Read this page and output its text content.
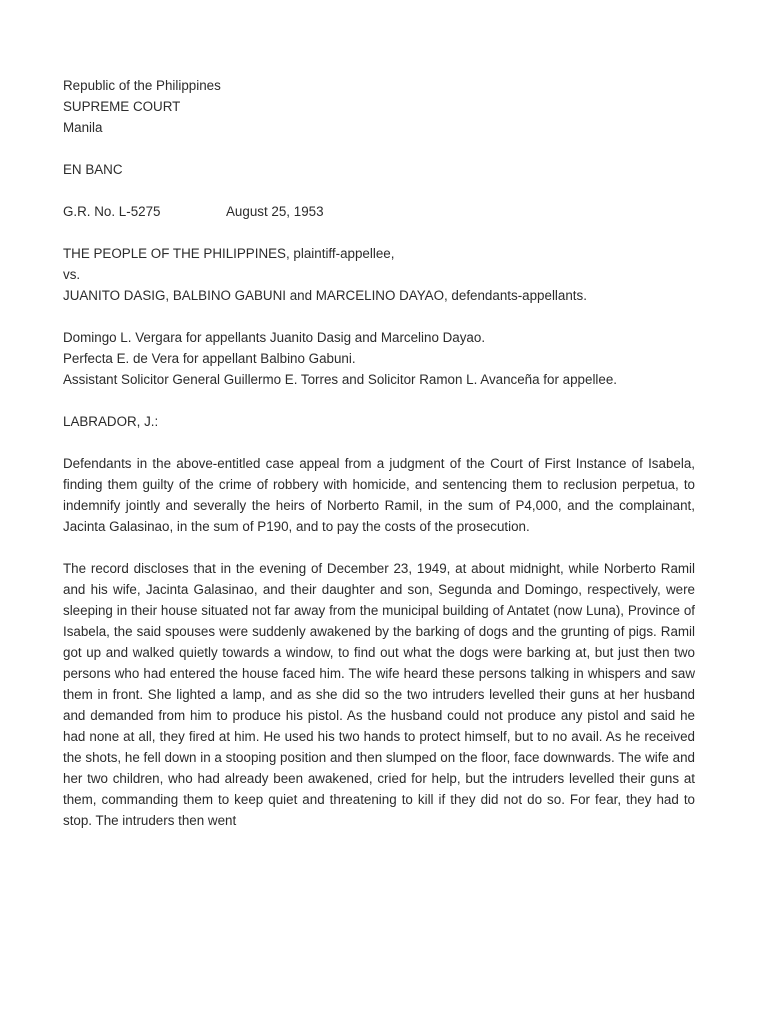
Republic of the Philippines

SUPREME COURT

Manila

EN BANC

G.R. No. L-5275	August 25, 1953

THE PEOPLE OF THE PHILIPPINES, plaintiff-appellee,

vs.

JUANITO DASIG, BALBINO GABUNI and MARCELINO DAYAO, defendants-appellants.

Domingo L. Vergara for appellants Juanito Dasig and Marcelino Dayao.

Perfecta E. de Vera for appellant Balbino Gabuni.

Assistant Solicitor General Guillermo E. Torres and Solicitor Ramon L. Avanceña for appellee.

LABRADOR, J.:

Defendants in the above-entitled case appeal from a judgment of the Court of First Instance of Isabela, finding them guilty of the crime of robbery with homicide, and sentencing them to reclusion perpetua, to indemnify jointly and severally the heirs of Norberto Ramil, in the sum of P4,000, and the complainant, Jacinta Galasinao, in the sum of P190, and to pay the costs of the prosecution.

The record discloses that in the evening of December 23, 1949, at about midnight, while Norberto Ramil and his wife, Jacinta Galasinao, and their daughter and son, Segunda and Domingo, respectively, were sleeping in their house situated not far away from the municipal building of Antatet (now Luna), Province of Isabela, the said spouses were suddenly awakened by the barking of dogs and the grunting of pigs. Ramil got up and walked quietly towards a window, to find out what the dogs were barking at, but just then two persons who had entered the house faced him. The wife heard these persons talking in whispers and saw them in front. She lighted a lamp, and as she did so the two intruders levelled their guns at her husband and demanded from him to produce his pistol. As the husband could not produce any pistol and said he had none at all, they fired at him. He used his two hands to protect himself, but to no avail. As he received the shots, he fell down in a stooping position and then slumped on the floor, face downwards. The wife and her two children, who had already been awakened, cried for help, but the intruders levelled their guns at them, commanding them to keep quiet and threatening to kill if they did not do so. For fear, they had to stop. The intruders then went
